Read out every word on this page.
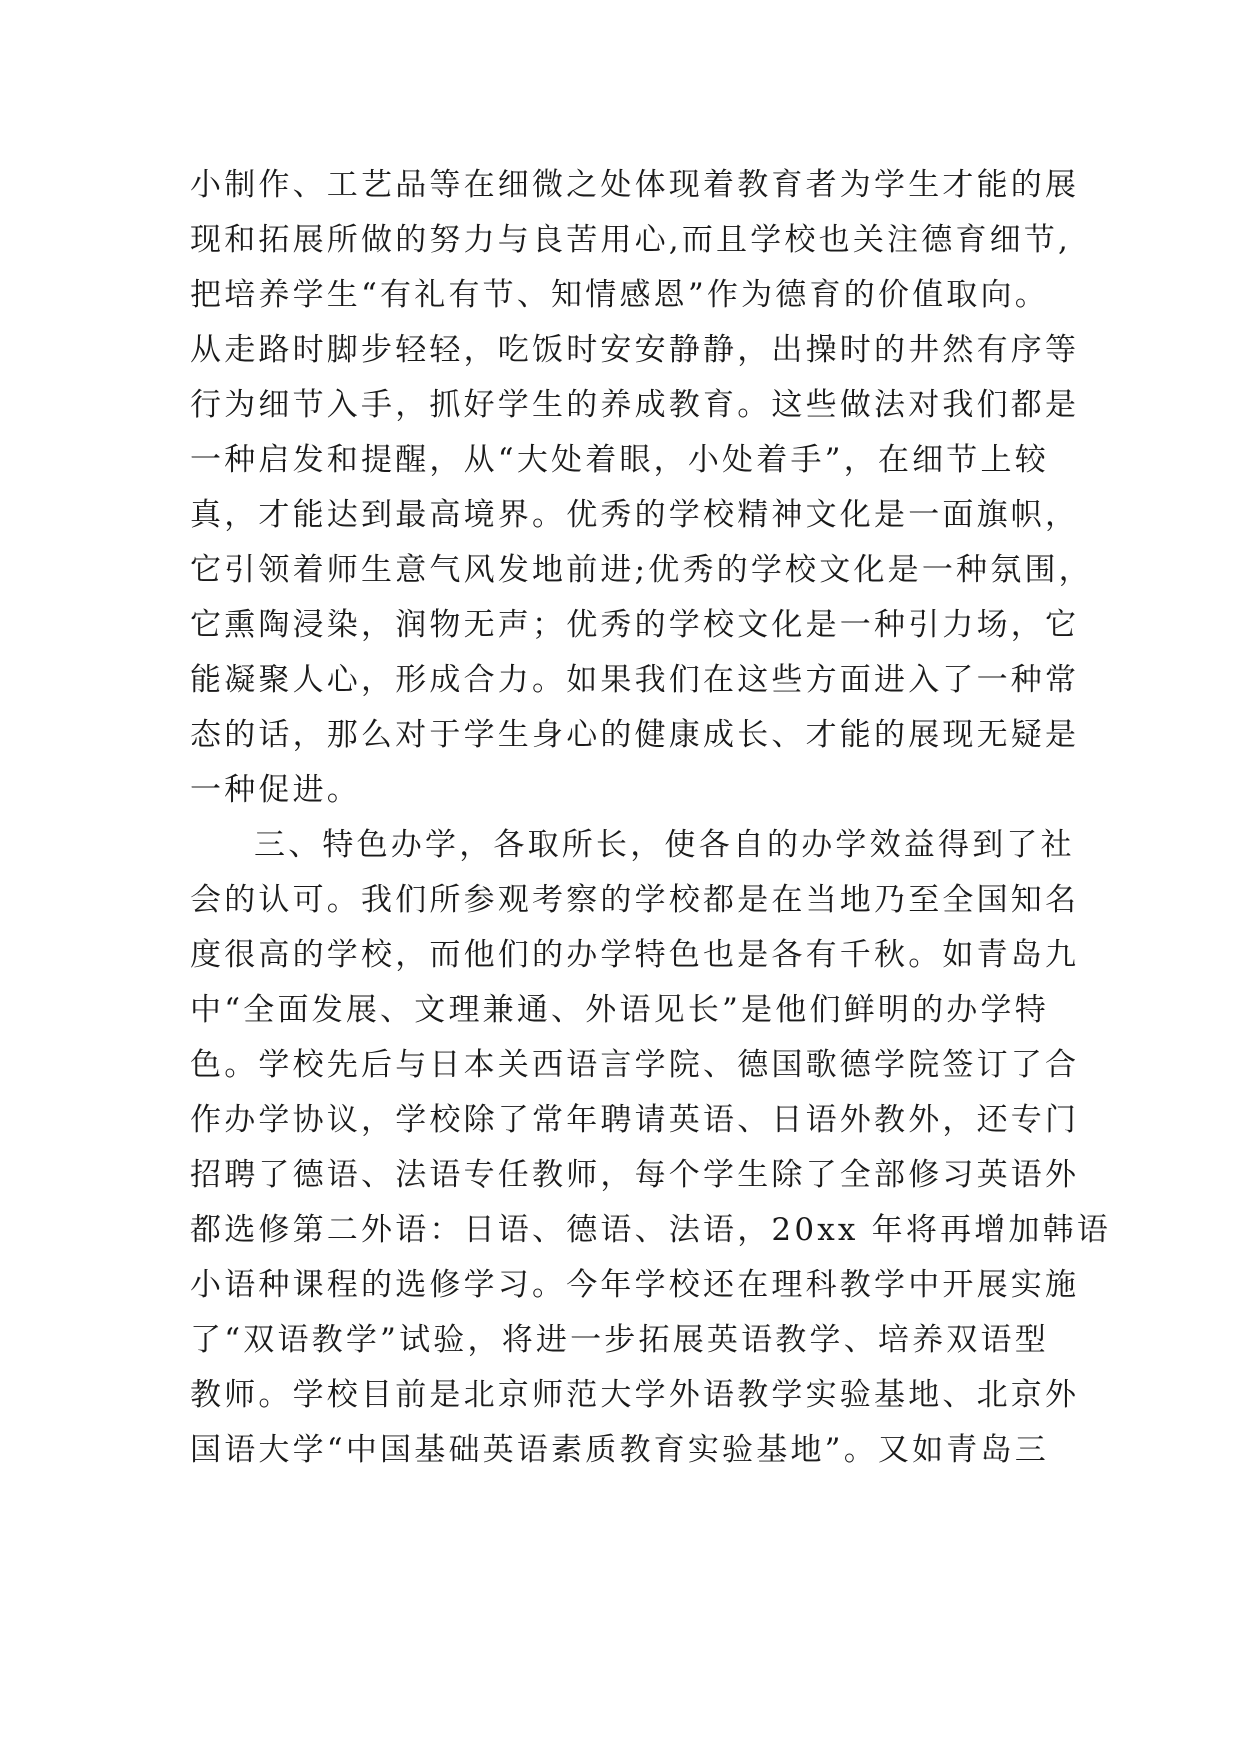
小制作、工艺品等在细微之处体现着教育者为学生才能的展
现和拓展所做的努力与良苦用心,而且学校也关注德育细节,
把培养学生“有礼有节、知情感恩”作为德育的价值取向。
从走路时脚步轻轻，吃饭时安安静静，出操时的井然有序等
行为细节入手，抓好学生的养成教育。这些做法对我们都是
一种启发和提醒，从“大处着眼，小处着手”，在细节上较
真，才能达到最高境界。优秀的学校精神文化是一面旗帜，
它引领着师生意气风发地前进;优秀的学校文化是一种氛围，
它熏陶浸染，润物无声；优秀的学校文化是一种引力场，它
能凝聚人心，形成合力。如果我们在这些方面进入了一种常
态的话，那么对于学生身心的健康成长、才能的展现无疑是
一种促进。
三、特色办学，各取所长，使各自的办学效益得到了社
会的认可。我们所参观考察的学校都是在当地乃至全国知名
度很高的学校，而他们的办学特色也是各有千秋。如青岛九
中“全面发展、文理兼通、外语见长”是他们鲜明的办学特
色。学校先后与日本关西语言学院、德国歌德学院签订了合
作办学协议，学校除了常年聘请英语、日语外教外，还专门
招聘了德语、法语专任教师，每个学生除了全部修习英语外
都选修第二外语：日语、德语、法语，20xx 年将再增加韩语
小语种课程的选修学习。今年学校还在理科教学中开展实施
了“双语教学”试验，将进一步拓展英语教学、培养双语型
教师。学校目前是北京师范大学外语教学实验基地、北京外
国语大学“中国基础英语素质教育实验基地”。又如青岛三
